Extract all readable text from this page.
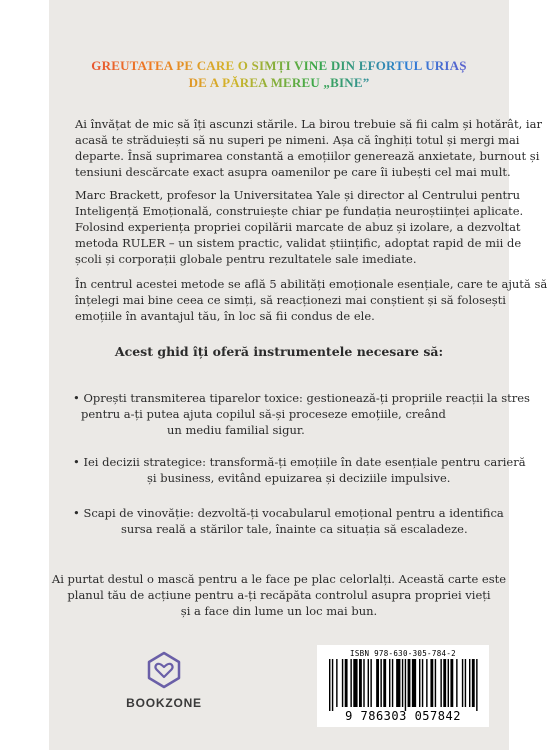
GREUTATEA PE CARE O SIMȚI VINE DIN EFORTUL URIAȘ
DE A PĂREA MEREU „BINE”

Ai învățat de mic să îți ascunzi stările. La birou trebuie să fii calm și hotărât, iar
acasă te străduiești să nu superi pe nimeni. Așa că înghiți totul și mergi mai
departe. Însă suprimarea constantă a emoțiilor generează anxietate, burnout și
tensiuni descărcate exact asupra oamenilor pe care îi iubești cel mai mult.

Marc Brackett, profesor la Universitatea Yale și director al Centrului pentru
Inteligență Emoțională, construiește chiar pe fundația neuroștiinței aplicate.
Folosind experiența propriei copilării marcate de abuz și izolare, a dezvoltat
metoda RULER – un sistem practic, validat științific, adoptat rapid de mii de
școli și corporații globale pentru rezultatele sale imediate.

În centrul acestei metode se află 5 abilități emoționale esențiale, care te ajută să
înțelegi mai bine ceea ce simți, să reacționezi mai conștient și să folosești
emoțiile în avantajul tău, în loc să fii condus de ele.

Acest ghid îți oferă instrumentele necesare să:
• Oprești transmiterea tiparelor toxice: gestionează-ți propriile reacții la stres
pentru a-ți putea ajuta copilul să-și proceseze emoțiile, creând
un mediu familial sigur.
• Iei decizii strategice: transformă-ți emoțiile în date esențiale pentru carieră
și business, evitând epuizarea și deciziile impulsive.
• Scapi de vinovăție: dezvoltă-ți vocabularul emoțional pentru a identifica
sursa reală a stărilor tale, înainte ca situația să escaladeze.
Ai purtat destul o mască pentru a le face pe plac celorlalți. Această carte este
planul tău de acțiune pentru a-ți recăpăta controlul asupra propriei vieți
și a face din lume un loc mai bun.
BOOKZONE
ISBN 978-630-305-784-2
9 786303 057842
